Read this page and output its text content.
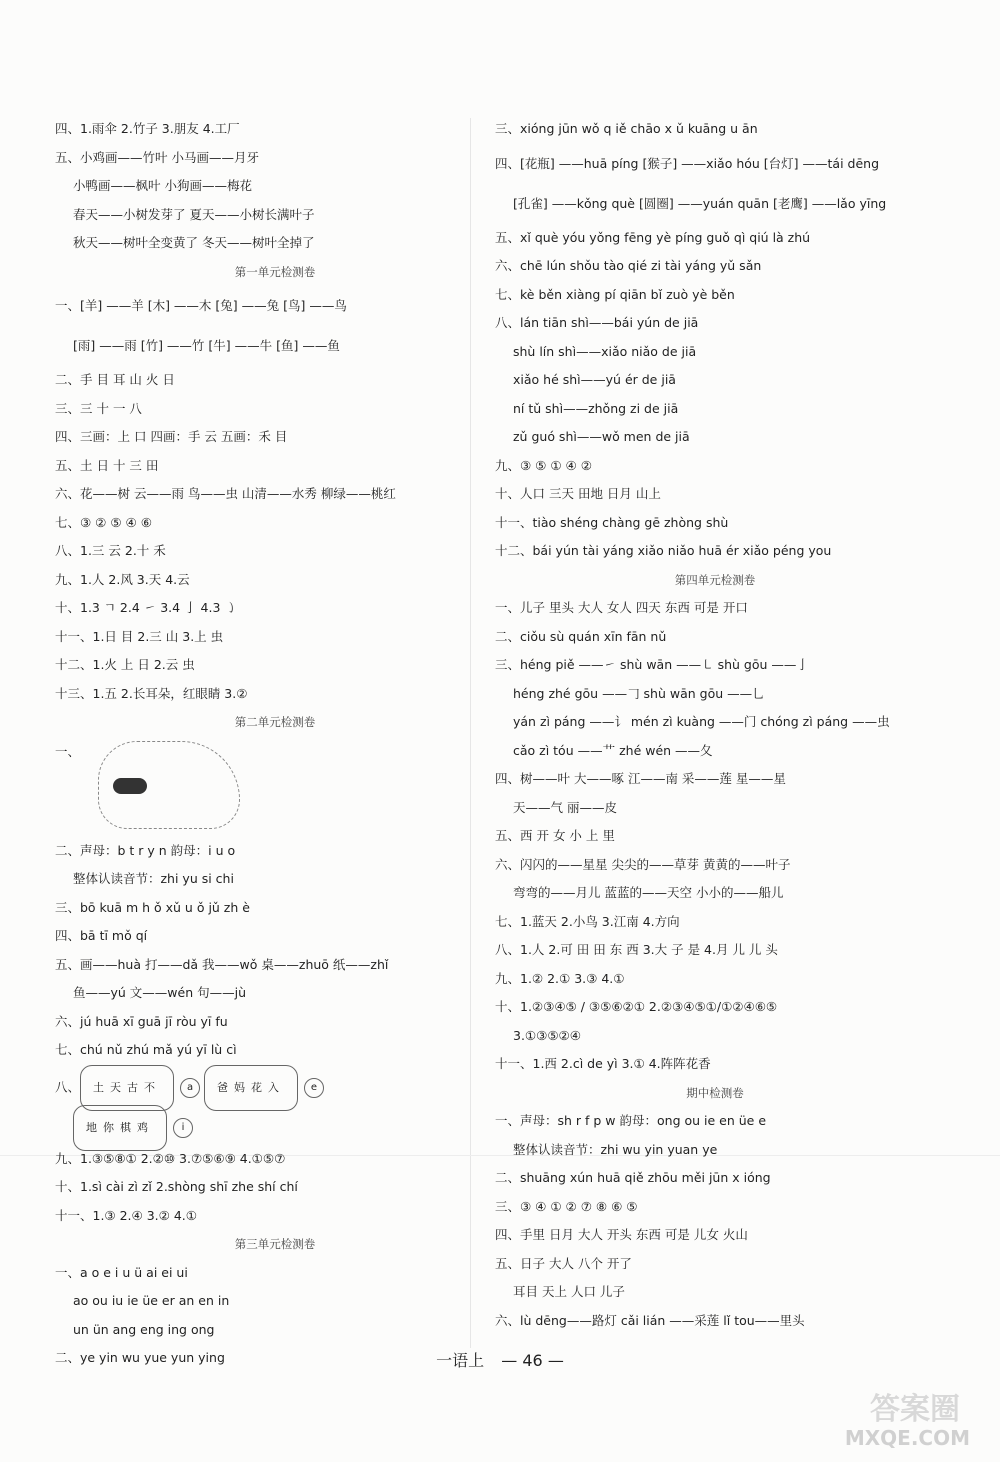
四、1.雨伞 2.竹子 3.朋友 4.工厂
五、小鸡画——竹叶 小马画——月牙
小鸭画——枫叶 小狗画——梅花
春天——小树发芽了 夏天——小树长满叶子
秋天——树叶全变黄了 冬天——树叶全掉了
第一单元检测卷
一、[羊] ——羊 [木] ——木 [兔] ——兔 [鸟] ——鸟
[雨] ——雨 [竹] ——竹 [牛] ——牛 [鱼] ——鱼
二、手 目 耳 山 火 日
三、三 十 一 八
四、三画：上 口 四画：手 云 五画：禾 目
五、土 日 十 三 田
六、花——树 云——雨 鸟——虫 山清——水秀 柳绿——桃红
七、③ ② ⑤ ④ ⑥
八、1.三 云 2.十 禾
九、1.人 2.风 3.天 4.云
十、1.3 ㄱ 2.4 ㇀ 3.4 亅 4.3 ㇁
十一、1.日 目 2.三 山 3.上 虫
十二、1.火 上 日 2.云 虫
十三、1.五 2.长耳朵，红眼睛 3.②
第二单元检测卷
一、
二、声母：b t r y n 韵母：i u o
整体认读音节：zhi yu si chi
三、bō kuā m h ǒ xǔ u ǒ jǔ zh è
四、bā tī mǒ qí
五、画——huà 打——dǎ 我——wǒ 桌——zhuō 纸——zhǐ
鱼——yú 文——wén 句——jù
六、jú huā xī guā jī ròu yī fu
七、chú nǔ zhú mǎ yú yī lù cì
八、 土天古不	a 爸妈花入	e
地你棋鸡	i
九、1.③⑤⑧① 2.②⑩ 3.⑦⑤⑥⑨ 4.①⑤⑦
十、1.sì cài zì zǐ 2.shòng shī zhe shí chí
十一、1.③ 2.④ 3.② 4.①
第三单元检测卷
一、a o e i u ü ai ei ui
ao ou iu ie üe er an en in
un ün ang eng ing ong
二、ye yin wu yue yun ying
三、xióng jūn wǒ q iě chāo x ǔ kuāng u ān
四、[花瓶] ——huā píng [猴子] ——xiǎo hóu [台灯] ——tái dēng
[孔雀] ——kǒng què [圆圈] ——yuán quān [老鹰] ——lǎo yīng
五、xǐ què yóu yǒng fēng yè píng guǒ qì qiú là zhú
六、chē lún shǒu tào qié zi tài yáng yǔ sǎn
七、kè běn xiàng pí qiān bǐ zuò yè běn
八、lán tiān shì——bái yún de jiā
shù lín shì——xiǎo niǎo de jiā
xiǎo hé shì——yú ér de jiā
ní tǔ shì——zhǒng zi de jiā
zǔ guó shì——wǒ men de jiā
九、③ ⑤ ① ④ ②
十、人口 三天 田地 日月 山上
十一、tiào shéng chàng gē zhòng shù
十二、bái yún tài yáng xiǎo niǎo huā ér xiǎo péng you
第四单元检测卷
一、儿子 里头 大人 女人 四天 东西 可是 开口
二、ciǒu sù quán xīn fān nǔ
三、héng piě ——㇀ shù wān ——㇄ shù gōu ——亅
héng zhé gōu ——𠃌 shù wān gōu ——乚
yán zì páng ——讠 mén zì kuàng ——门 chóng zì páng ——虫
cǎo zì tóu ——艹 zhé wén ——夂
四、树——叶 大——啄 江——南 采——莲 星——星
天——气 丽——皮
五、西 开 女 小 上 里
六、闪闪的——星星 尖尖的——草芽 黄黄的——叶子
弯弯的——月儿 蓝蓝的——天空 小小的——船儿
七、1.蓝天 2.小鸟 3.江南 4.方向
八、1.人 2.可 田 田 东 西 3.大 子 是 4.月 儿 儿 头
九、1.② 2.① 3.③ 4.①
十、1.②③④⑤ / ③⑤⑥②① 2.②③④⑤①/①②④⑥⑤
3.①③⑤②④
十一、1.西 2.cì de yì 3.① 4.阵阵花香
期中检测卷
一、声母：sh r f p w 韵母：ong ou ie en üe e
整体认读音节：zhi wu yin yuan ye
二、shuāng xún huā qiě zhōu měi jūn x ióng
三、③ ④ ① ② ⑦ ⑧ ⑥ ⑤
四、手里 日月 大人 开头 东西 可是 儿女 火山
五、日子 大人 八个 开了
耳目 天上 人口 儿子
六、lù dēng——路灯 cǎi lián ——采莲 lǐ tou——里头
一语上 — 46 —
答案圈
MXQE.COM
